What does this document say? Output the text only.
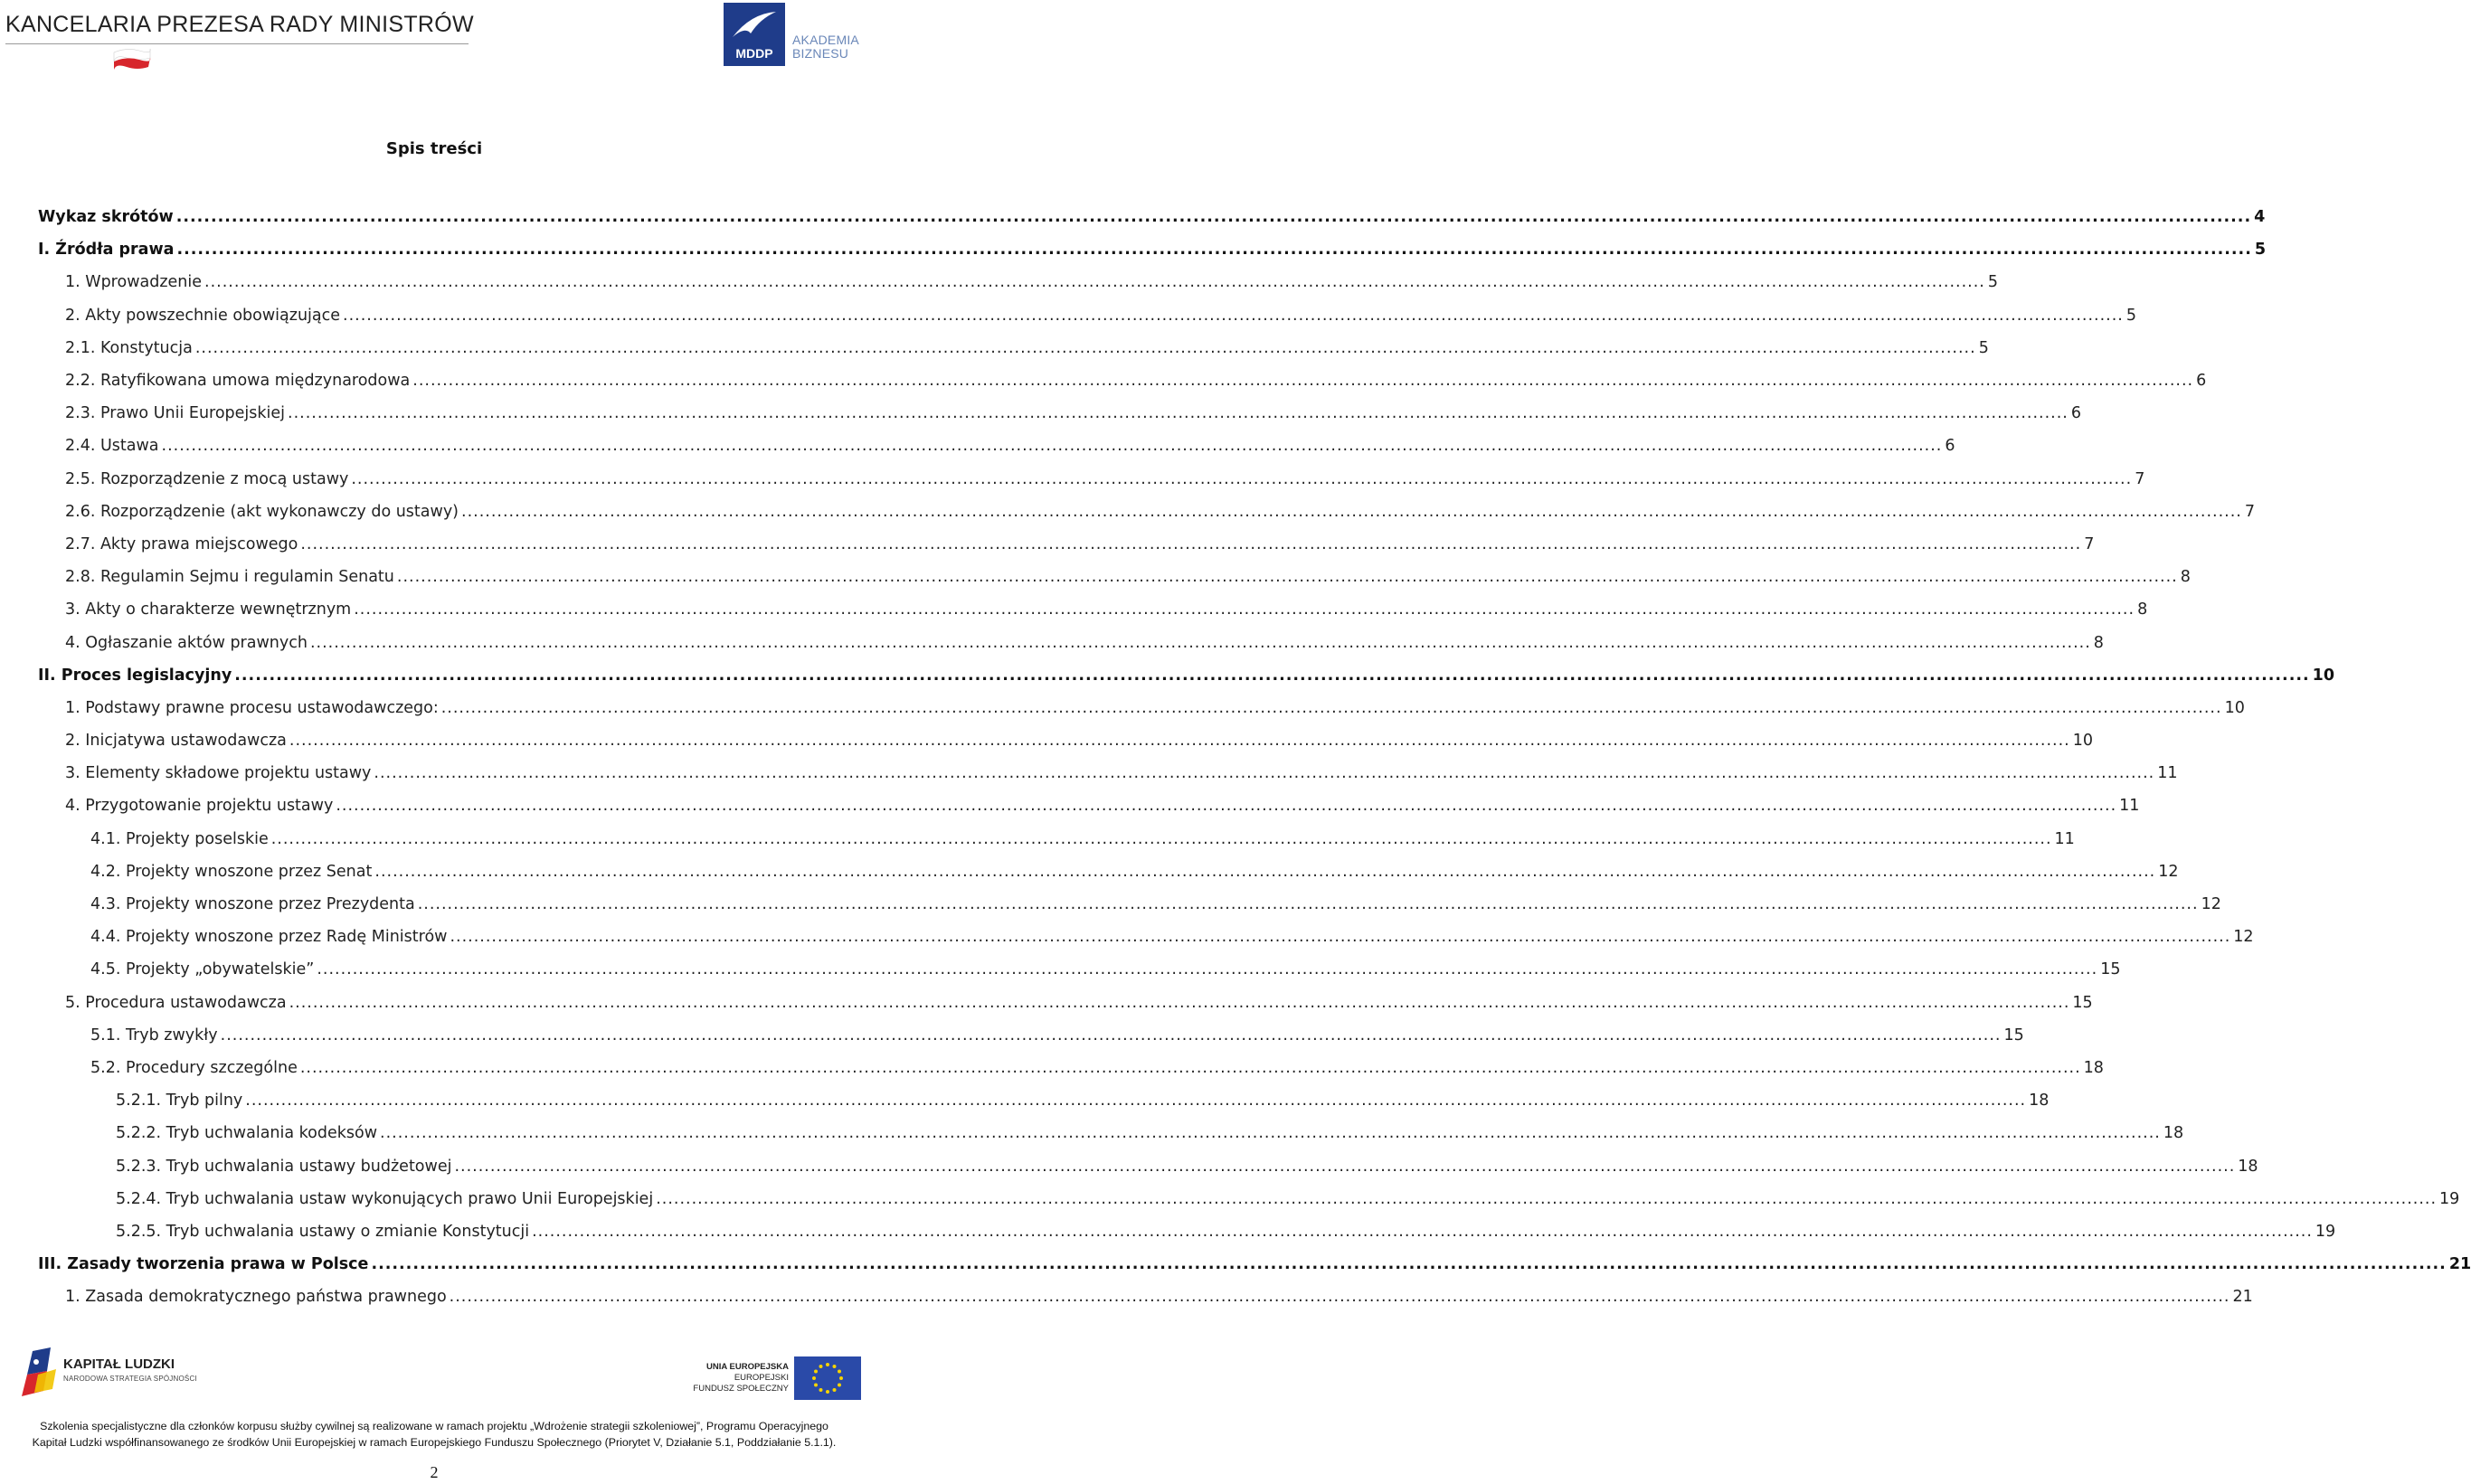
KANCELARIA PREZESA RADY MINISTRÓW
MDDP
AKADEMIA
BIZNESU
Spis treści
Wykaz skrótów ............................................................................................................................................................................................................................................................................................................ 4
I. Źródła prawa ............................................................................................................................................................................................................................................................................................................ 5
1. Wprowadzenie ............................................................................................................................................................................................................................................................................................................ 5
2. Akty powszechnie obowiązujące ............................................................................................................................................................................................................................................................................................................ 5
2.1. Konstytucja ............................................................................................................................................................................................................................................................................................................ 5
2.2. Ratyfikowana umowa międzynarodowa ............................................................................................................................................................................................................................................................................................................ 6
2.3. Prawo Unii Europejskiej ............................................................................................................................................................................................................................................................................................................ 6
2.4. Ustawa ............................................................................................................................................................................................................................................................................................................ 6
2.5. Rozporządzenie z mocą ustawy ............................................................................................................................................................................................................................................................................................................ 7
2.6. Rozporządzenie (akt wykonawczy do ustawy) ............................................................................................................................................................................................................................................................................................................ 7
2.7. Akty prawa miejscowego ............................................................................................................................................................................................................................................................................................................ 7
2.8. Regulamin Sejmu i regulamin Senatu ............................................................................................................................................................................................................................................................................................................ 8
3. Akty o charakterze wewnętrznym ............................................................................................................................................................................................................................................................................................................ 8
4. Ogłaszanie aktów prawnych ............................................................................................................................................................................................................................................................................................................ 8
II. Proces legislacyjny ............................................................................................................................................................................................................................................................................................................ 10
1. Podstawy prawne procesu ustawodawczego: ............................................................................................................................................................................................................................................................................................................ 10
2. Inicjatywa ustawodawcza ............................................................................................................................................................................................................................................................................................................ 10
3. Elementy składowe projektu ustawy ............................................................................................................................................................................................................................................................................................................ 11
4. Przygotowanie projektu ustawy ............................................................................................................................................................................................................................................................................................................ 11
4.1. Projekty poselskie ............................................................................................................................................................................................................................................................................................................ 11
4.2. Projekty wnoszone przez Senat ............................................................................................................................................................................................................................................................................................................ 12
4.3. Projekty wnoszone przez Prezydenta ............................................................................................................................................................................................................................................................................................................ 12
4.4. Projekty wnoszone przez Radę Ministrów ............................................................................................................................................................................................................................................................................................................ 12
4.5. Projekty „obywatelskie” ............................................................................................................................................................................................................................................................................................................ 15
5. Procedura ustawodawcza ............................................................................................................................................................................................................................................................................................................ 15
5.1. Tryb zwykły ............................................................................................................................................................................................................................................................................................................ 15
5.2. Procedury szczególne ............................................................................................................................................................................................................................................................................................................ 18
5.2.1. Tryb pilny ............................................................................................................................................................................................................................................................................................................ 18
5.2.2. Tryb uchwalania kodeksów ............................................................................................................................................................................................................................................................................................................ 18
5.2.3. Tryb uchwalania ustawy budżetowej ............................................................................................................................................................................................................................................................................................................ 18
5.2.4. Tryb uchwalania ustaw wykonujących prawo Unii Europejskiej ............................................................................................................................................................................................................................................................................................................ 19
5.2.5. Tryb uchwalania ustawy o zmianie Konstytucji ............................................................................................................................................................................................................................................................................................................ 19
III. Zasady tworzenia prawa w Polsce ............................................................................................................................................................................................................................................................................................................ 21
1. Zasada demokratycznego państwa prawnego ............................................................................................................................................................................................................................................................................................................ 21
KAPITAŁ LUDZKI
NARODOWA STRATEGIA SPÓJNOŚCI
UNIA EUROPEJSKA
EUROPEJSKI
FUNDUSZ SPOŁECZNY
Szkolenia specjalistyczne dla członków korpusu służby cywilnej są realizowane w ramach projektu „Wdrożenie strategii szkoleniowej”, Programu Operacyjnego
Kapitał Ludzki współfinansowanego ze środków Unii Europejskiej w ramach Europejskiego Funduszu Społecznego (Priorytet V, Działanie 5.1, Poddziałanie 5.1.1).
2
